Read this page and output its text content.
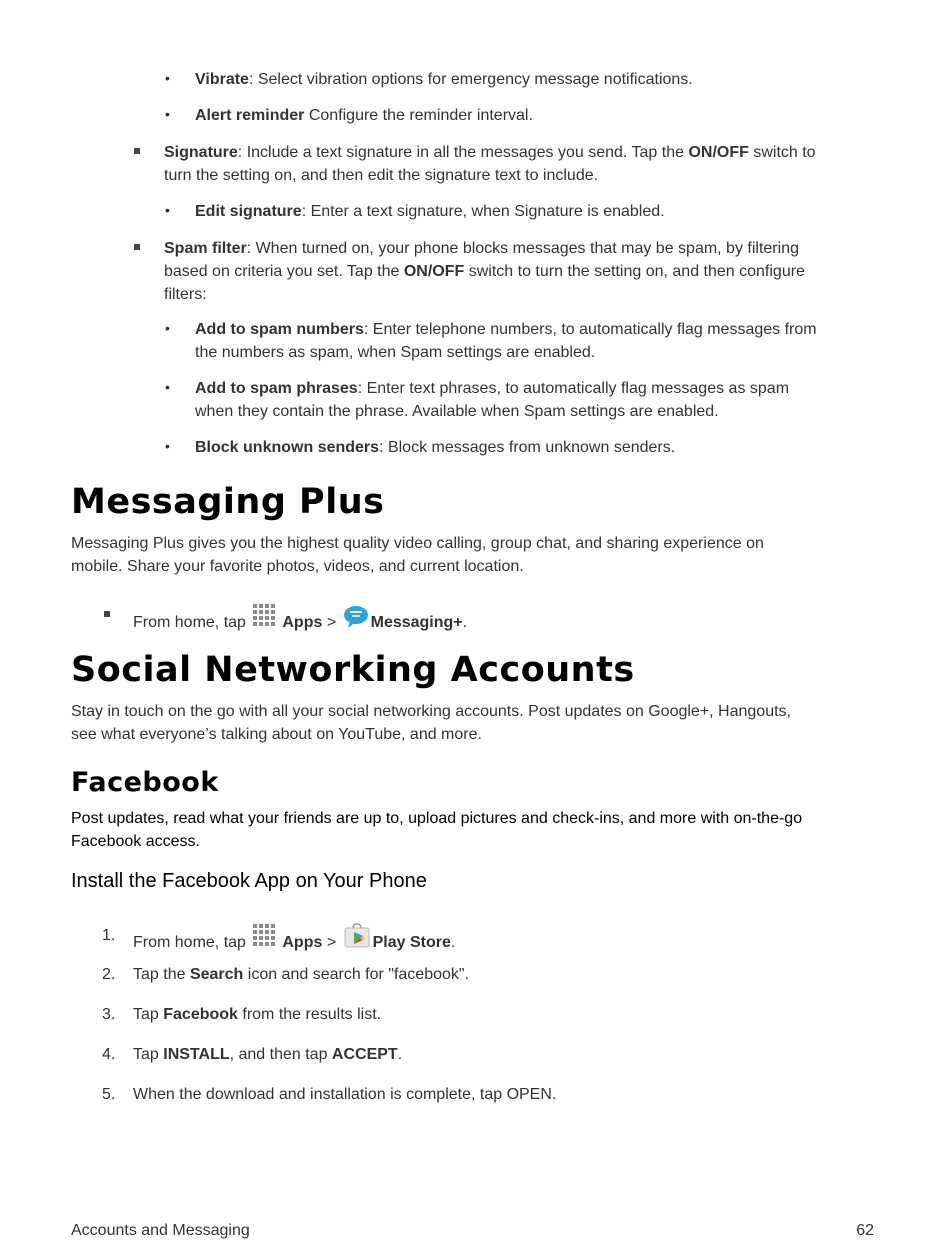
• Vibrate: Select vibration options for emergency message notifications.
• Alert reminder Configure the reminder interval.
Signature: Include a text signature in all the messages you send. Tap the ON/OFF switch to
turn the setting on, and then edit the signature text to include.
• Edit signature: Enter a text signature, when Signature is enabled.
Spam filter: When turned on, your phone blocks messages that may be spam, by filtering
based on criteria you set. Tap the ON/OFF switch to turn the setting on, and then configure
filters:
• Add to spam numbers: Enter telephone numbers, to automatically flag messages from
the numbers as spam, when Spam settings are enabled.
• Add to spam phrases: Enter text phrases, to automatically flag messages as spam
when they contain the phrase. Available when Spam settings are enabled.
• Block unknown senders: Block messages from unknown senders.
Messaging Plus
Messaging Plus gives you the highest quality video calling, group chat, and sharing experience on
mobile. Share your favorite photos, videos, and current location.
From home, tap Apps > Messaging+.
Social Networking Accounts
Stay in touch on the go with all your social networking accounts. Post updates on Google+, Hangouts,
see what everyone’s talking about on YouTube, and more.
Facebook
Post updates, read what your friends are up to, upload pictures and check-ins, and more with on-the-go
Facebook access.
Install the Facebook App on Your Phone
1. From home, tap Apps > Play Store.
2. Tap the Search icon and search for "facebook".
3. Tap Facebook from the results list.
4. Tap INSTALL, and then tap ACCEPT.
5. When the download and installation is complete, tap OPEN.
Accounts and Messaging	62
